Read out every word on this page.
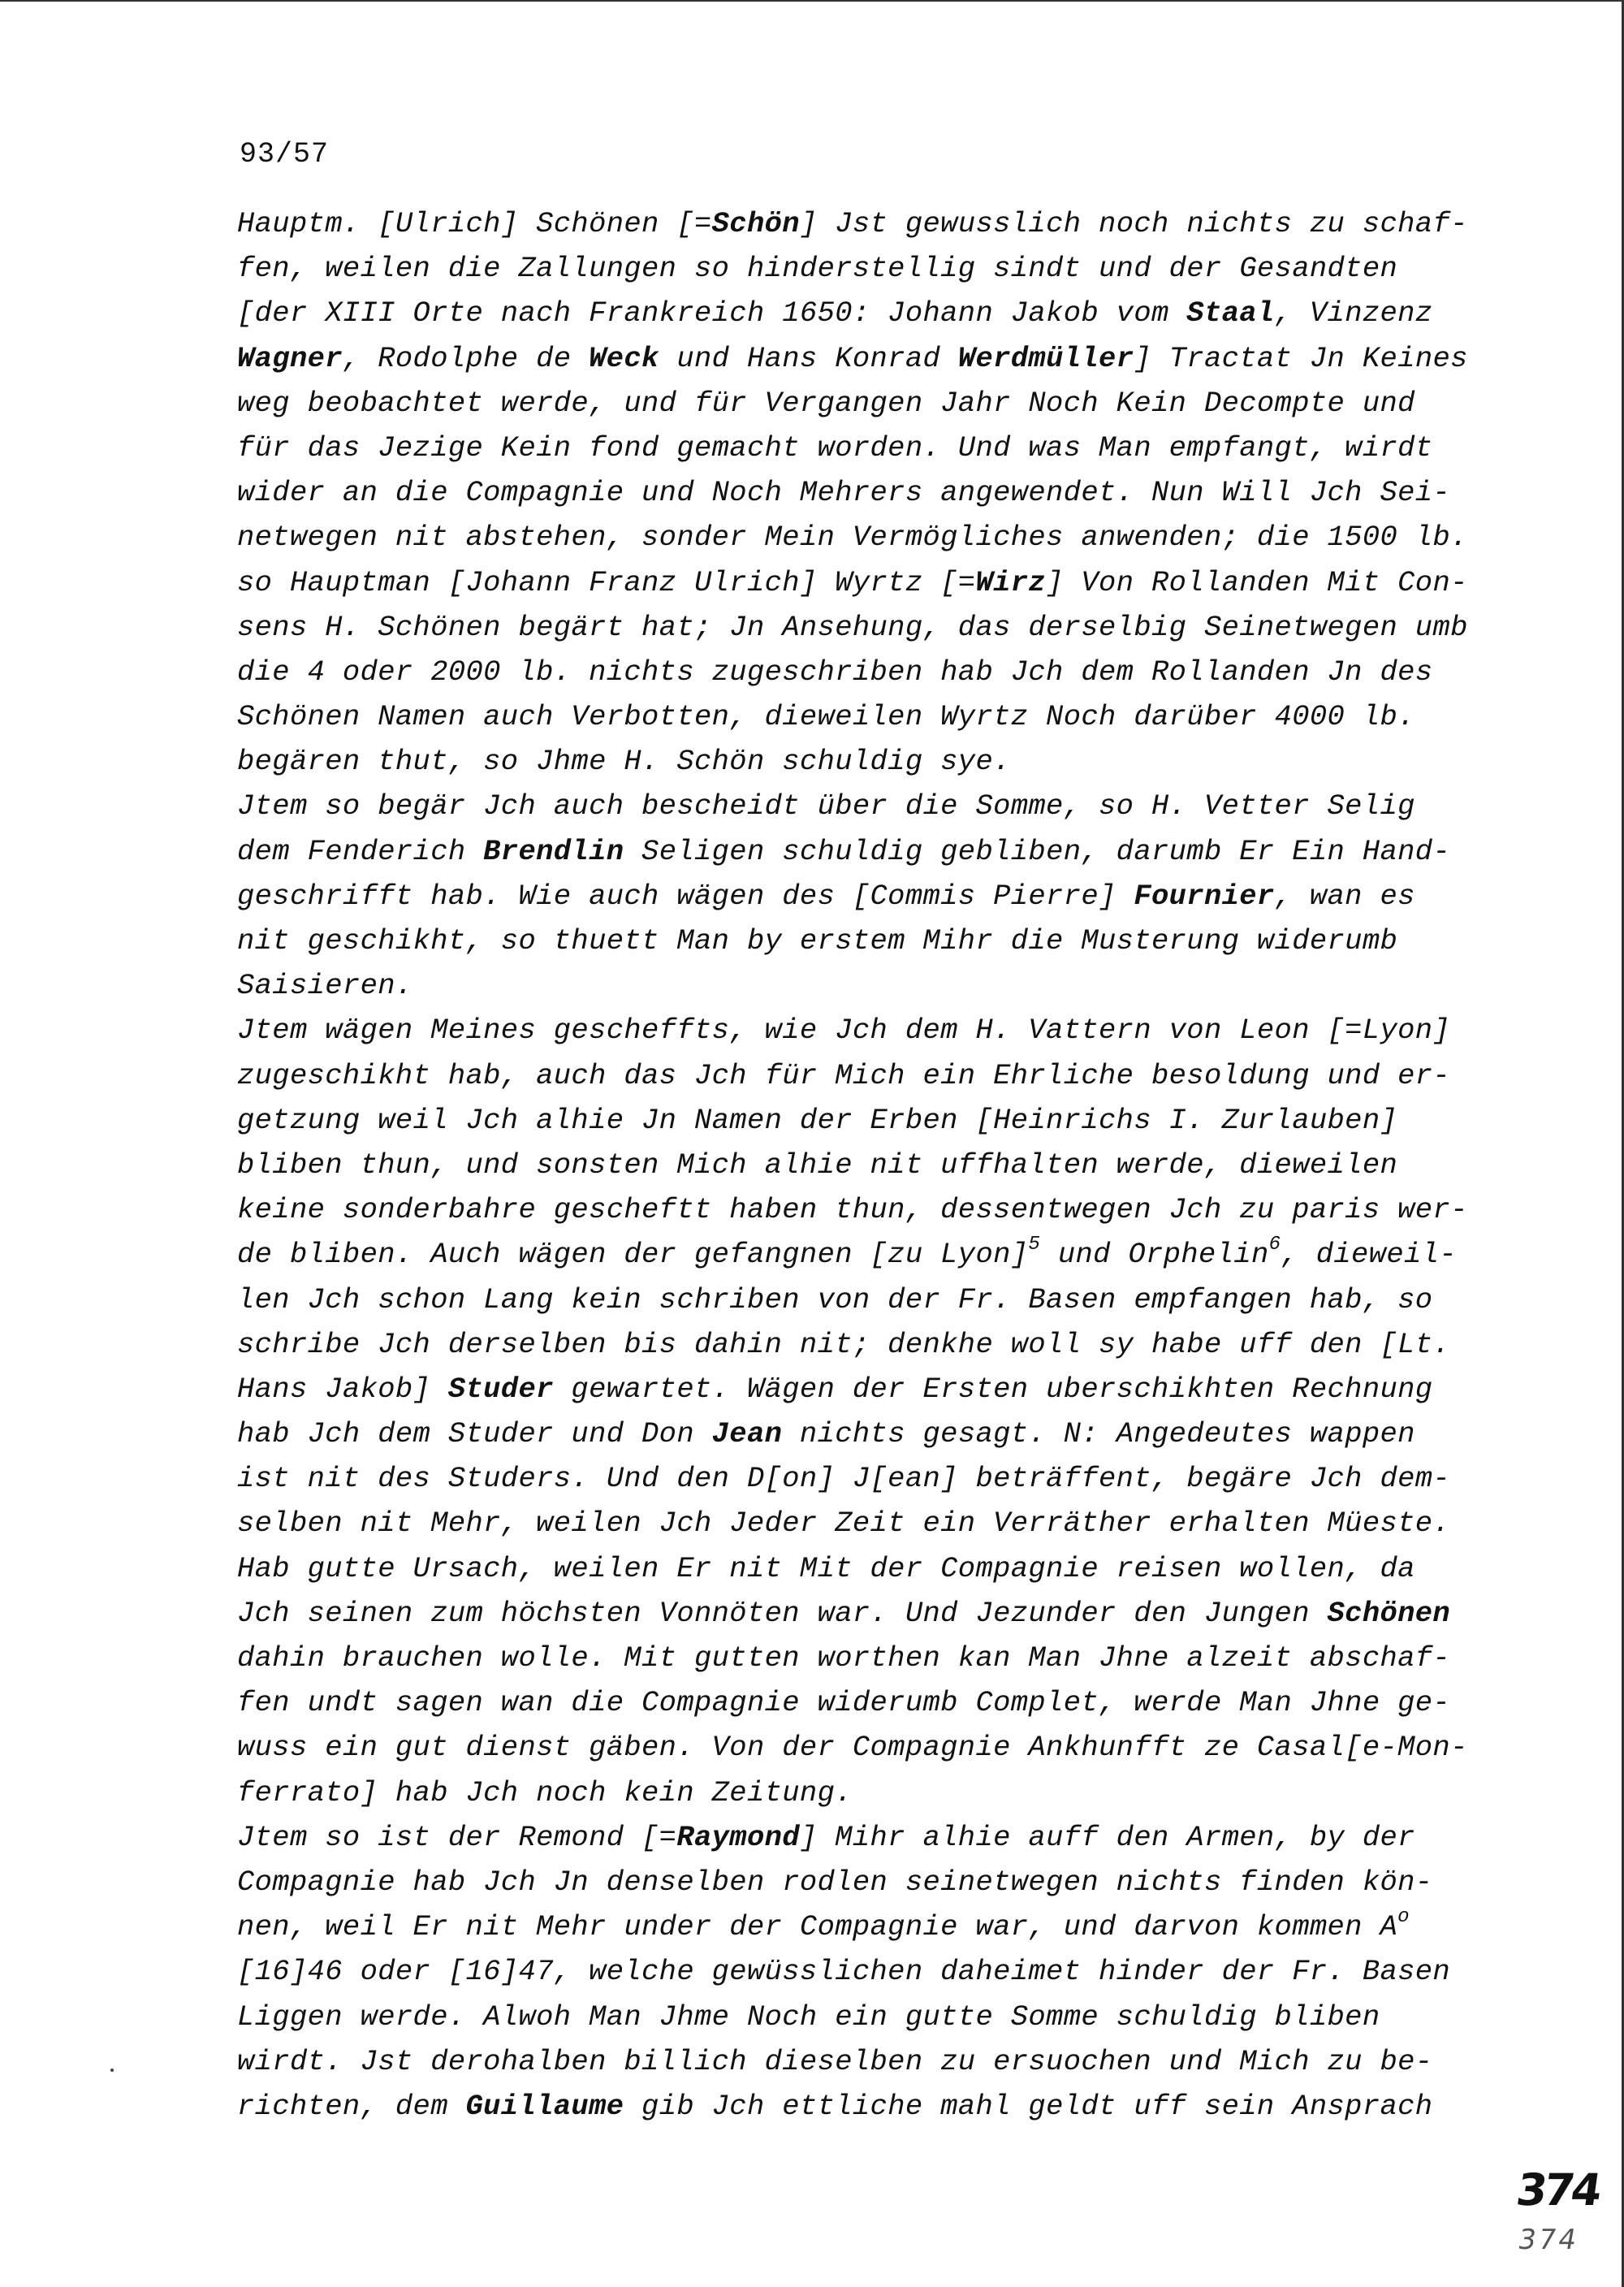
93/57
Hauptm. [Ulrich] Schönen [=Schön] Jst gewusslich noch nichts zu schaf-
fen, weilen die Zallungen so hinderstellig sindt und der Gesandten
[der XIII Orte nach Frankreich 1650: Johann Jakob vom Staal, Vinzenz
Wagner, Rodolphe de Weck und Hans Konrad Werdmüller] Tractat Jn Keines
weg beobachtet werde, und für Vergangen Jahr Noch Kein Decompte und
für das Jezige Kein fond gemacht worden. Und was Man empfangt, wirdt
wider an die Compagnie und Noch Mehrers angewendet. Nun Will Jch Sei-
netwegen nit abstehen, sonder Mein Vermögliches anwenden; die 1500 lb.
so Hauptman [Johann Franz Ulrich] Wyrtz [=Wirz] Von Rollanden Mit Con-
sens H. Schönen begärt hat; Jn Ansehung, das derselbig Seinetwegen umb
die 4 oder 2000 lb. nichts zugeschriben hab Jch dem Rollanden Jn des
Schönen Namen auch Verbotten, dieweilen Wyrtz Noch darüber 4000 lb.
begären thut, so Jhme H. Schön schuldig sye.
Jtem so begär Jch auch bescheidt über die Somme, so H. Vetter Selig
dem Fenderich Brendlin Seligen schuldig gebliben, darumb Er Ein Hand-
geschrifft hab. Wie auch wägen des [Commis Pierre] Fournier, wan es
nit geschikht, so thuett Man by erstem Mihr die Musterung widerumb
Saisieren.
Jtem wägen Meines gescheffts, wie Jch dem H. Vattern von Leon [=Lyon]
zugeschikht hab, auch das Jch für Mich ein Ehrliche besoldung und er-
getzung weil Jch alhie Jn Namen der Erben [Heinrichs I. Zurlauben]
bliben thun, und sonsten Mich alhie nit uffhalten werde, dieweilen
keine sonderbahre gescheftt haben thun, dessentwegen Jch zu paris wer-
de bliben. Auch wägen der gefangnen [zu Lyon]$^5$ und Orphelin$^6$, dieweil-
len Jch schon Lang kein schriben von der Fr. Basen empfangen hab, so
schribe Jch derselben bis dahin nit; denkhe woll sy habe uff den [Lt.
Hans Jakob] Studer gewartet. Wägen der Ersten uberschikhten Rechnung
hab Jch dem Studer und Don Jean nichts gesagt. N: Angedeutes wappen
ist nit des Studers. Und den D[on] J[ean] beträffent, begäre Jch dem-
selben nit Mehr, weilen Jch Jeder Zeit ein Verräther erhalten Müeste.
Hab gutte Ursach, weilen Er nit Mit der Compagnie reisen wollen, da
Jch seinen zum höchsten Vonnöten war. Und Jezunder den Jungen Schönen
dahin brauchen wolle. Mit gutten worthen kan Man Jhne alzeit abschaf-
fen undt sagen wan die Compagnie widerumb Complet, werde Man Jhne ge-
wuss ein gut dienst gäben. Von der Compagnie Ankhunfft ze Casal[e-Mon-
ferrato] hab Jch noch kein Zeitung.
Jtem so ist der Remond [=Raymond] Mihr alhie auff den Armen, by der
Compagnie hab Jch Jn denselben rodlen seinetwegen nichts finden kön-
nen, weil Er nit Mehr under der Compagnie war, und darvon kommen $A^o$
[16]46 oder [16]47, welche gewüsslichen daheimet hinder der Fr. Basen
Liggen werde. Alwoh Man Jhme Noch ein gutte Somme schuldig bliben
wirdt. Jst derohalben billich dieselben zu ersuochen und Mich zu be-
richten, dem Guillaume gib Jch ettliche mahl geldt uff sein Ansprach
374
374
